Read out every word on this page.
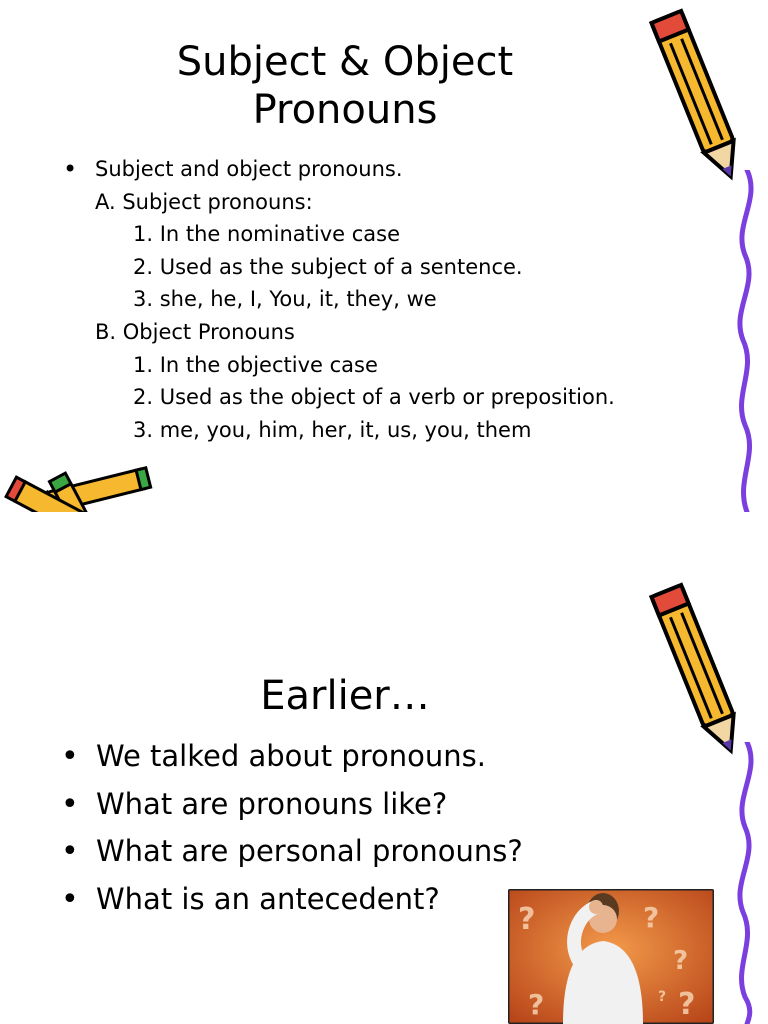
Subject & Object
Pronouns
• Subject and object pronouns.
A. Subject pronouns:
1. In the nominative case
2. Used as the subject of a sentence.
3. she, he, I, You, it, they, we
B. Object Pronouns
1. In the objective case
2. Used as the object of a verb or preposition.
3. me, you, him, her, it, us, you, them
Earlier…
• We talked about pronouns.
• What are pronouns like?
• What are personal pronouns?
• What is an antecedent?
?	?
?
?
?
?
?
